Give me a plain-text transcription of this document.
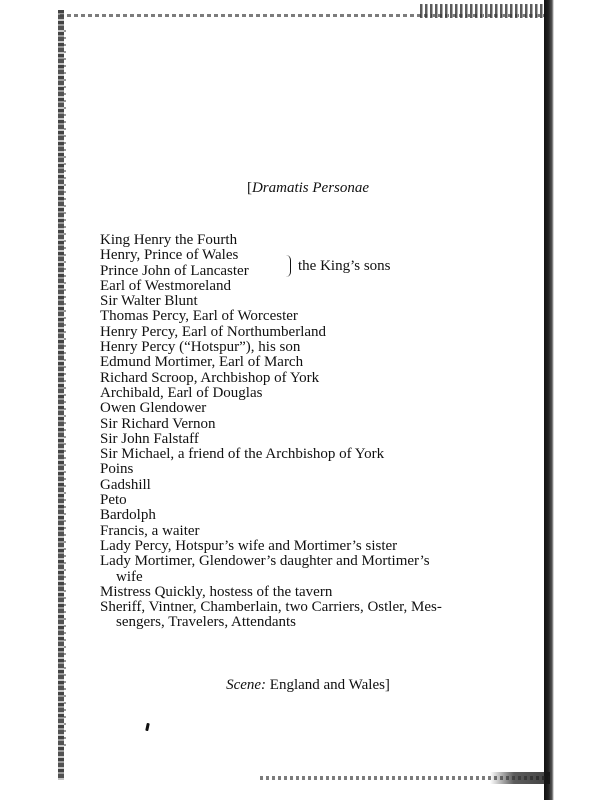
[Dramatis Personae
King Henry the Fourth
Henry, Prince of Wales
Prince John of Lancaster
Earl of Westmoreland
Sir Walter Blunt
Thomas Percy, Earl of Worcester
Henry Percy, Earl of Northumberland
Henry Percy (“Hotspur”), his son
Edmund Mortimer, Earl of March
Richard Scroop, Archbishop of York
Archibald, Earl of Douglas
Owen Glendower
Sir Richard Vernon
Sir John Falstaff
Sir Michael, a friend of the Archbishop of York
Poins
Gadshill
Peto
Bardolph
Francis, a waiter
Lady Percy, Hotspur’s wife and Mortimer’s sister
Lady Mortimer, Glendower’s daughter and Mortimer’s
wife
Mistress Quickly, hostess of the tavern
Sheriff, Vintner, Chamberlain, two Carriers, Ostler, Mes-
sengers, Travelers, Attendants
the King’s sons
Scene: England and Wales]
